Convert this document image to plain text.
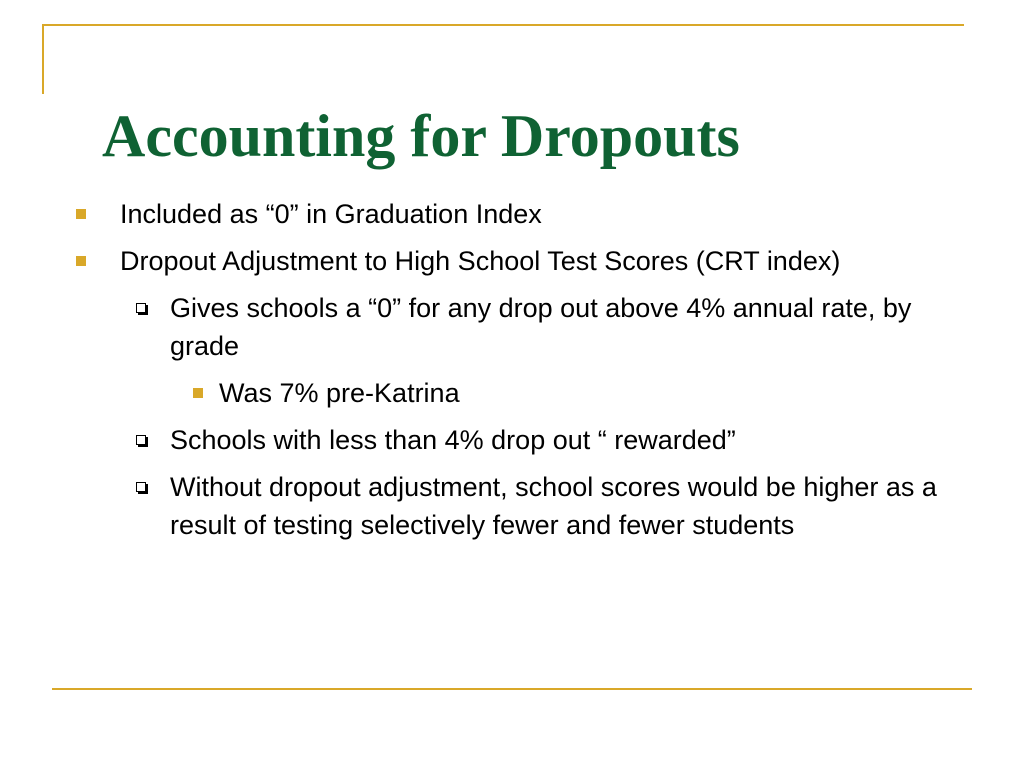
Accounting for Dropouts
Included as “0” in Graduation Index
Dropout Adjustment to High School Test Scores (CRT index)
Gives schools a “0” for any drop out above 4% annual rate, by grade
Was 7% pre-Katrina
Schools with less than 4% drop out “ rewarded”
Without dropout adjustment, school scores would be higher as a result of testing selectively fewer and fewer students
